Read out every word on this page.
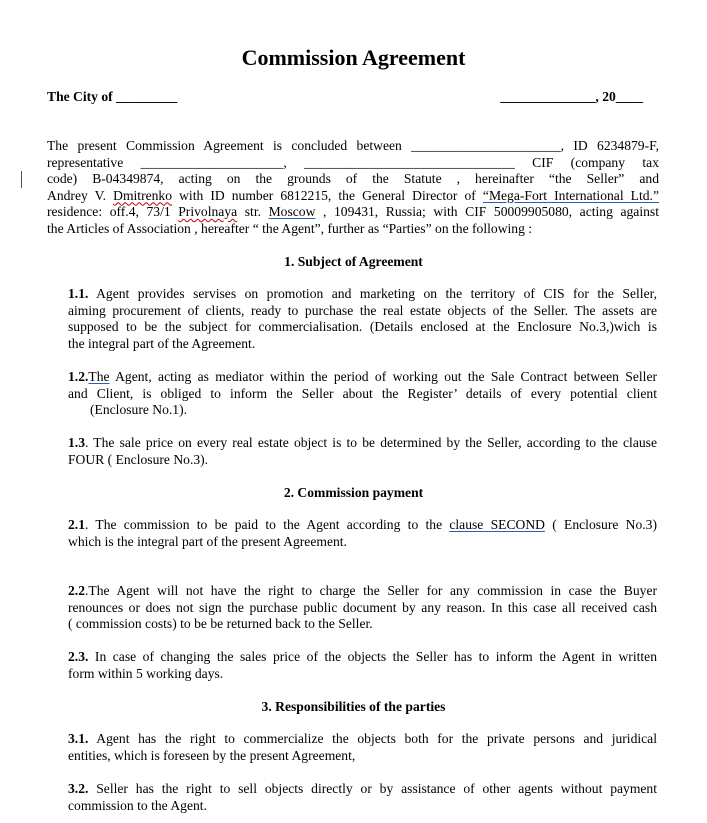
Commission Agreement
The City of _________	______________, 20____
The present Commission Agreement is concluded between ______________________, ID 6234879-F,
representative _____________________, _______________________________ CIF (company tax
code) B-04349874, acting on the grounds of the Statute , hereinafter “the Seller” and
Andrey V. Dmitrenko with ID number 6812215, the General Director of “Mega-Fort International Ltd.”
residence: off.4, 73/1 Privolnaya str. Moscow , 109431, Russia; with CIF 50009905080, acting against
the Articles of Association , hereafter “ the Agent”, further as “Parties” on the following :
1. Subject of Agreement
1.1. Agent provides servises on promotion and marketing on the territory of CIS for the Seller,
aiming procurement of clients, ready to purchase the real estate objects of the Seller. The assets are
supposed to be the subject for commercialisation. (Details enclosed at the Enclosure No.3,)wich is
the integral part of the Agreement.
1.2.The Agent, acting as mediator within the period of working out the Sale Contract between Seller
and Client, is obliged to inform the Seller about the Register’ details of every potential client
(Enclosure No.1).
1.3. The sale price on every real estate object is to be determined by the Seller, according to the clause
FOUR ( Enclosure No.3).
2. Commission payment
2.1. The commission to be paid to the Agent according to the clause SECOND ( Enclosure No.3)
which is the integral part of the present Agreement.
2.2.The Agent will not have the right to charge the Seller for any commission in case the Buyer
renounces or does not sign the purchase public document by any reason. In this case all received cash
( commission costs) to be be returned back to the Seller.
2.3. In case of changing the sales price of the objects the Seller has to inform the Agent in written
form within 5 working days.
3. Responsibilities of the parties
3.1. Agent has the right to commercialize the objects both for the private persons and juridical
entities, which is foreseen by the present Agreement,
3.2. Seller has the right to sell objects directly or by assistance of other agents without payment
commission to the Agent.
